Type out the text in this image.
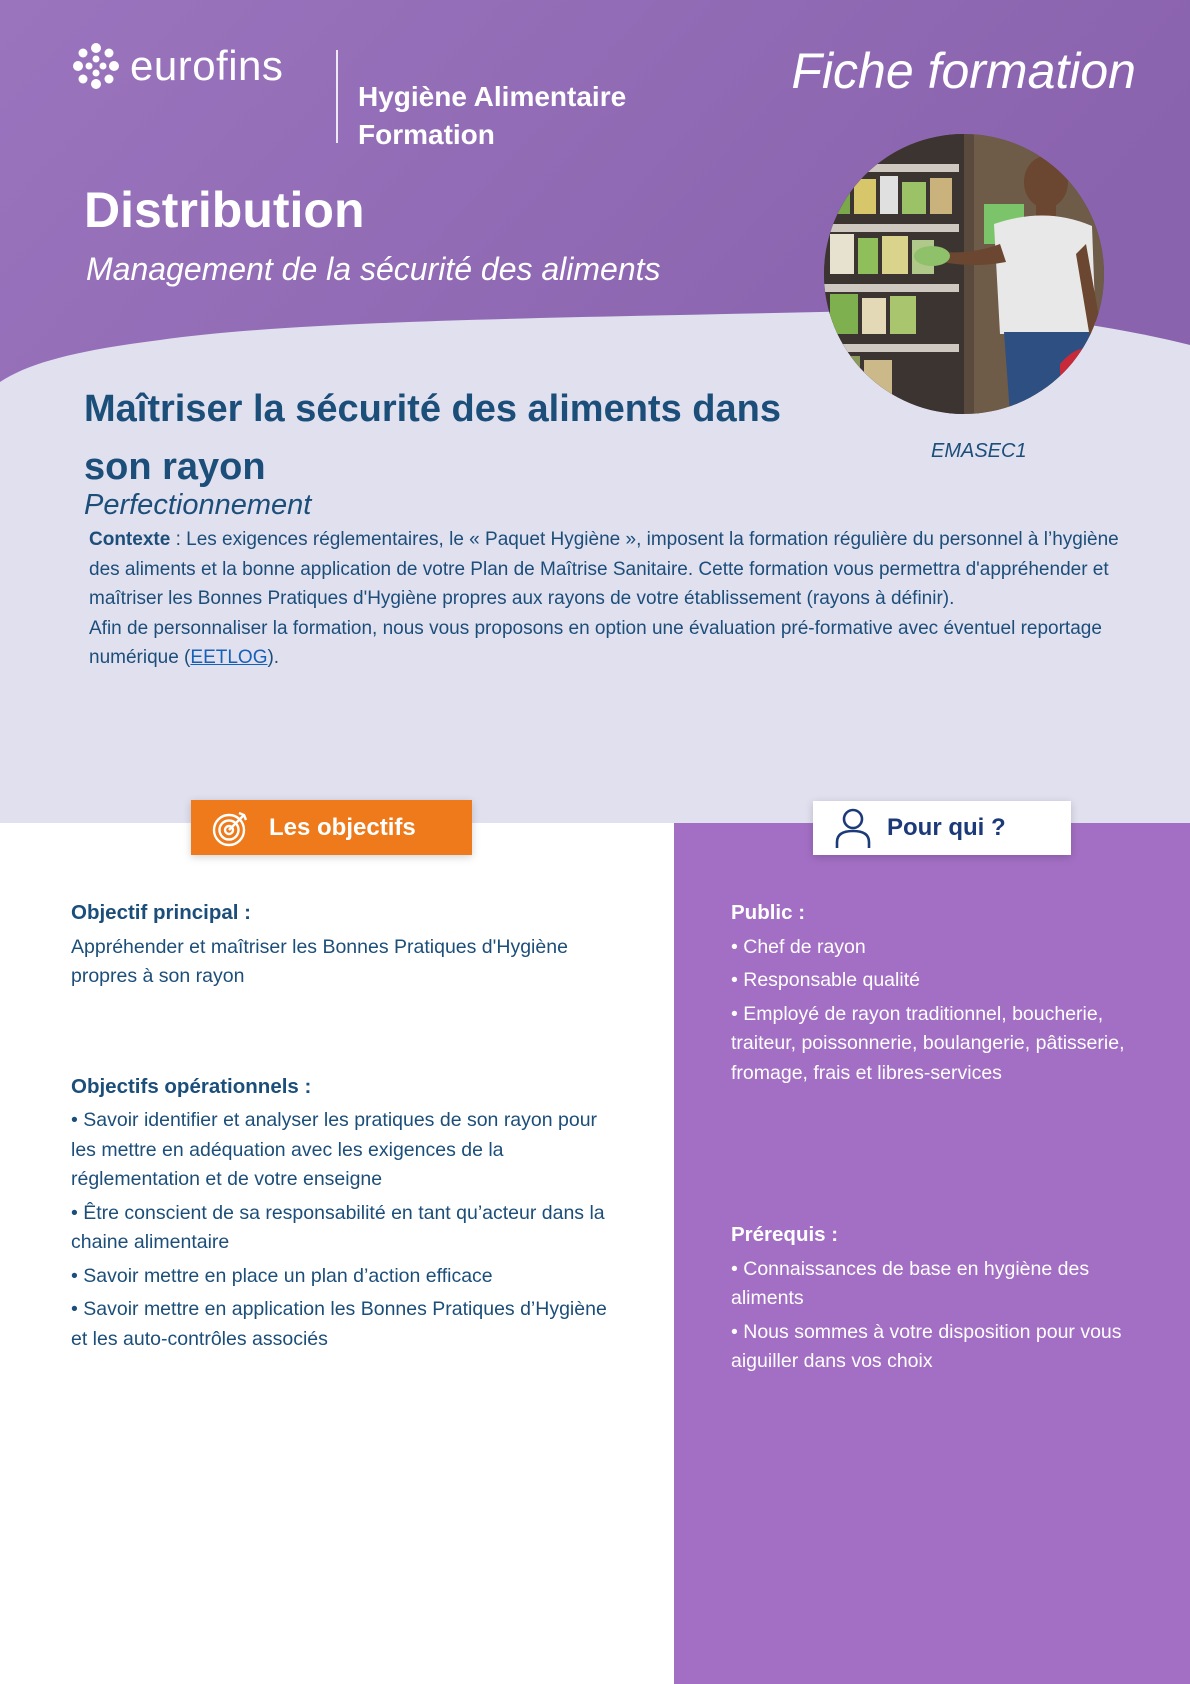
eurofins
Hygiène Alimentaire
Formation
Fiche formation
Distribution
Management de la sécurité des aliments
EMASEC1
Maîtriser la sécurité des aliments dans son rayon
Perfectionnement

Contexte : Les exigences réglementaires, le « Paquet Hygiène », imposent la formation régulière du personnel à l’hygiène des aliments et la bonne application de votre Plan de Maîtrise Sanitaire. Cette formation vous permettra d'appréhender et maîtriser les Bonnes Pratiques d'Hygiène propres aux rayons de votre établissement (rayons à définir).

Afin de personnaliser la formation, nous vous proposons en option une évaluation pré-formative avec éventuel reportage numérique (EETLOG).

Les objectifs	Pour qui ?
Objectif principal :

Appréhender et maîtriser les Bonnes Pratiques d'Hygiène propres à son rayon

Objectifs opérationnels :
• Savoir identifier et analyser les pratiques de son rayon pour les mettre en adéquation avec les exigences de la réglementation et de votre enseigne
• Être conscient de sa responsabilité en tant qu’acteur dans la chaine alimentaire
• Savoir mettre en place un plan d’action efficace
• Savoir mettre en application les Bonnes Pratiques d’Hygiène et les auto-contrôles associés
Public :
• Chef de rayon
• Responsable qualité
• Employé de rayon traditionnel, boucherie, traiteur, poissonnerie, boulangerie, pâtisserie, fromage, frais et libres-services
Prérequis :
• Connaissances de base en hygiène des aliments
• Nous sommes à votre disposition pour vous aiguiller dans vos choix
